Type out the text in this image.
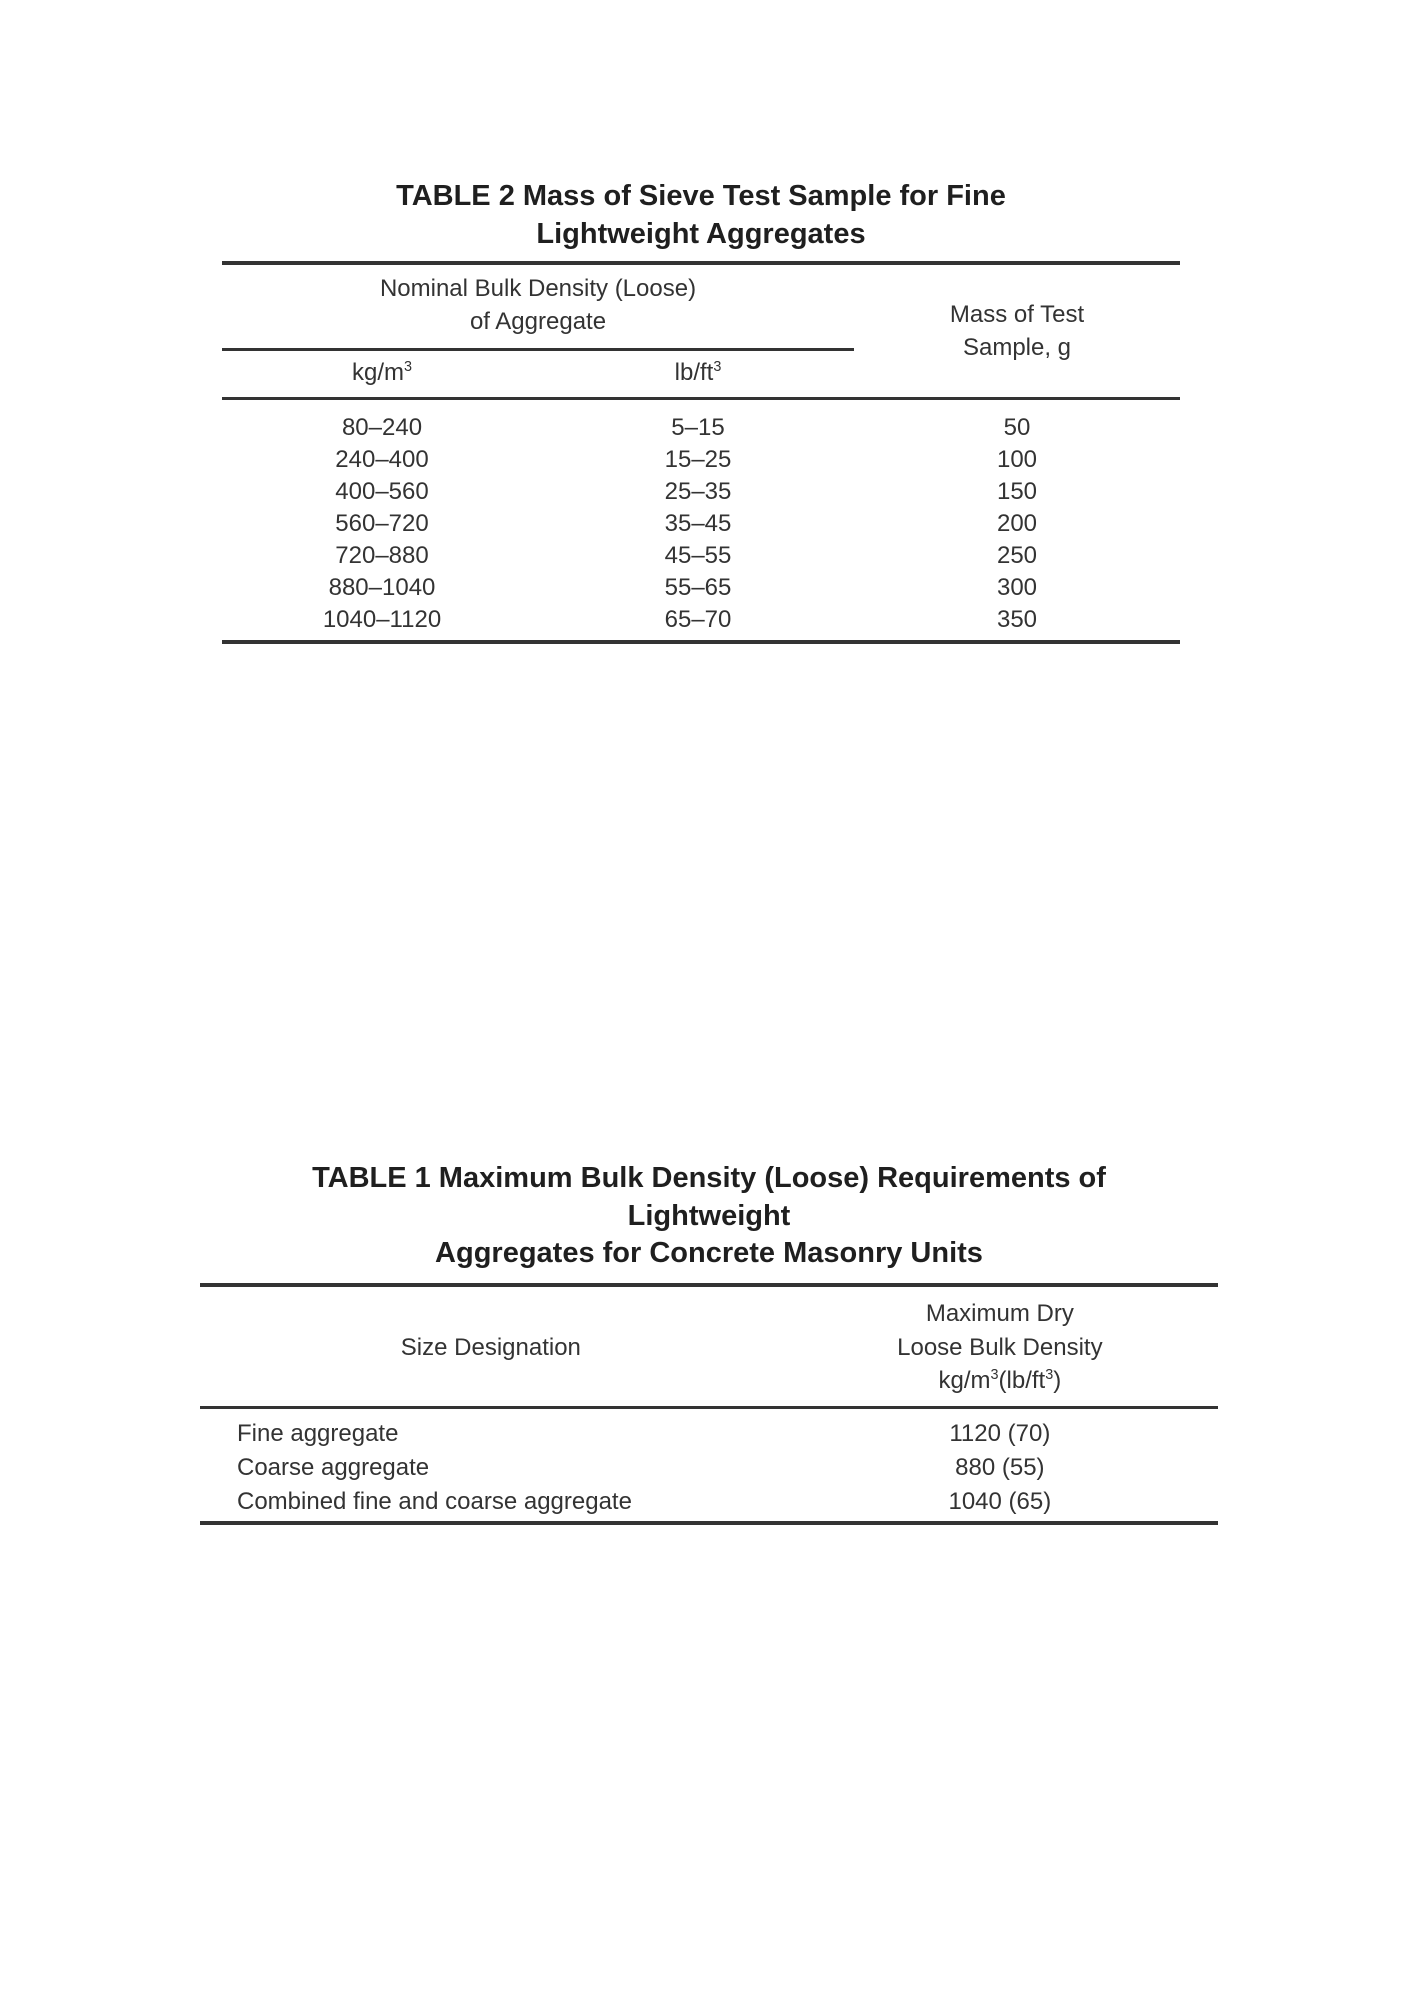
TABLE 2 Mass of Sieve Test Sample for Fine
Lightweight Aggregates
Nominal Bulk Density (Loose)
of Aggregate		Mass of Test
Sample, g
$kg/m^3$	$lb/ft^3$
80–240	5–15	50
240–400	15–25	100
400–560	25–35	150
560–720	35–45	200
720–880	45–55	250
880–1040	55–65	300
1040–1120	65–70	350
TABLE 1 Maximum Bulk Density (Loose) Requirements of
Lightweight
Aggregates for Concrete Masonry Units
Size Designation	Maximum Dry
Loose Bulk Density
$kg/m^3(lb/ft^3)$
Fine aggregate	1120 (70)
Coarse aggregate	880 (55)
Combined fine and coarse aggregate	1040 (65)
